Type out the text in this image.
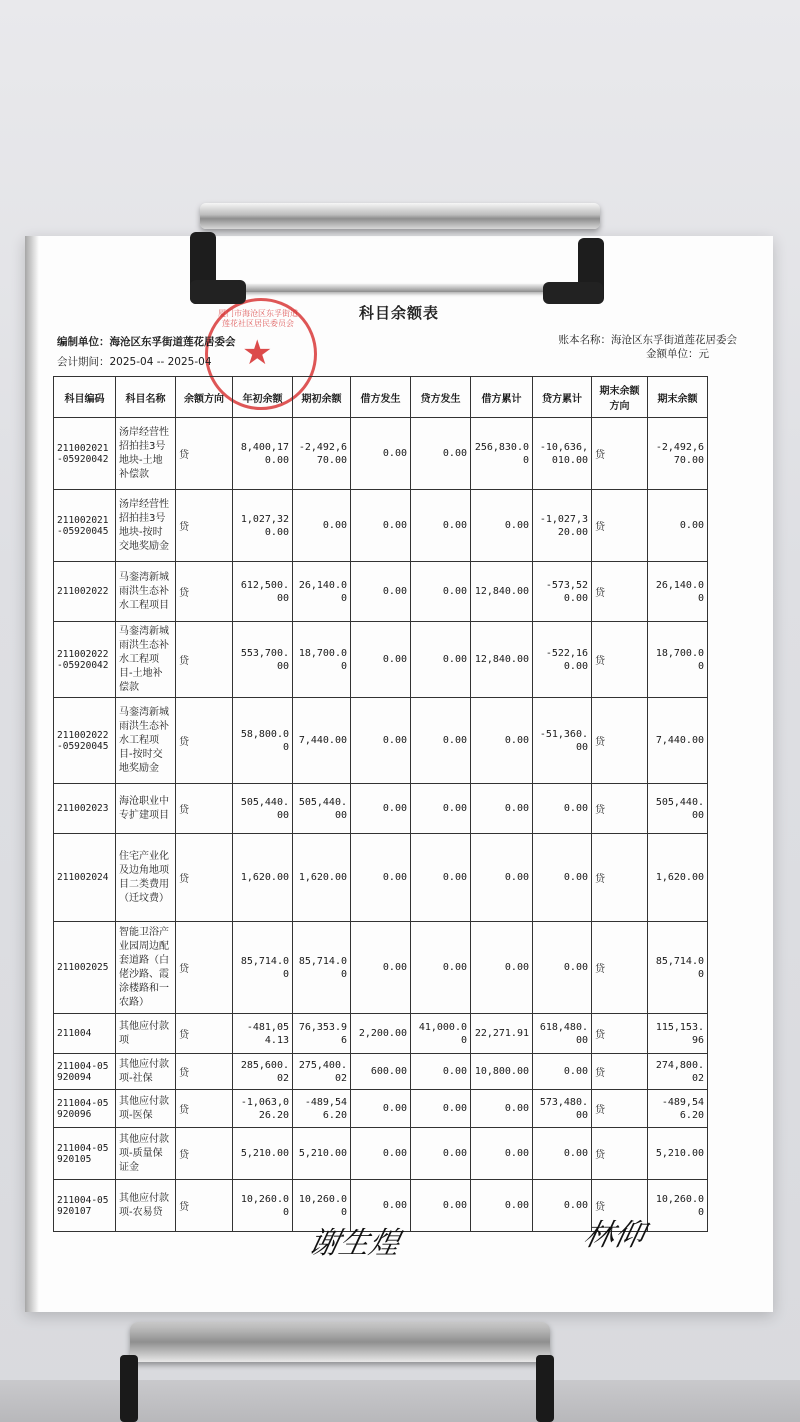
科目余额表
厦门市海沧区东孚街道莲花社区居民委员会
★
编制单位：海沧区东孚街道莲花居委会
会计期间：2025-04 -- 2025-04
账本名称：海沧区东孚街道莲花居委会
金额单位：元
科目编码	科目名称	余额方向	年初余额	期初余额	借方发生	贷方发生	借方累计	贷方累计	期末余额方向	期末余额
211002021-05920042	汤岸经营性招拍挂3号地块-土地补偿款	贷	8,400,170.00	-2,492,670.00	0.00	0.00	256,830.00	-10,636,010.00	贷	-2,492,670.00
211002021-05920045	汤岸经营性招拍挂3号地块-按时交地奖励金	贷	1,027,320.00	0.00	0.00	0.00	0.00	-1,027,320.00	贷	0.00
211002022	马銮湾新城雨洪生态补水工程项目	贷	612,500.00	26,140.00	0.00	0.00	12,840.00	-573,520.00	贷	26,140.00
211002022-05920042	马銮湾新城雨洪生态补水工程项目-土地补偿款	贷	553,700.00	18,700.00	0.00	0.00	12,840.00	-522,160.00	贷	18,700.00
211002022-05920045	马銮湾新城雨洪生态补水工程项目-按时交地奖励金	贷	58,800.00	7,440.00	0.00	0.00	0.00	-51,360.00	贷	7,440.00
211002023	海沧职业中专扩建项目	贷	505,440.00	505,440.00	0.00	0.00	0.00	0.00	贷	505,440.00
211002024	住宅产业化及边角地项目二类费用（迁坟费）	贷	1,620.00	1,620.00	0.00	0.00	0.00	0.00	贷	1,620.00
211002025	智能卫浴产业园周边配套道路（白佬沙路、霞涂楼路和一农路）	贷	85,714.00	85,714.00	0.00	0.00	0.00	0.00	贷	85,714.00
211004	其他应付款项	贷	-481,054.13	76,353.96	2,200.00	41,000.00	22,271.91	618,480.00	贷	115,153.96
211004-05920094	其他应付款项-社保	贷	285,600.02	275,400.02	600.00	0.00	10,800.00	0.00	贷	274,800.02
211004-05920096	其他应付款项-医保	贷	-1,063,026.20	-489,546.20	0.00	0.00	0.00	573,480.00	贷	-489,546.20
211004-05920105	其他应付款项-质量保证金	贷	5,210.00	5,210.00	0.00	0.00	0.00	0.00	贷	5,210.00
211004-05920107	其他应付款项-农易贷	贷	10,260.00	10,260.00	0.00	0.00	0.00	0.00	贷	10,260.00
谢生煌	林仰
